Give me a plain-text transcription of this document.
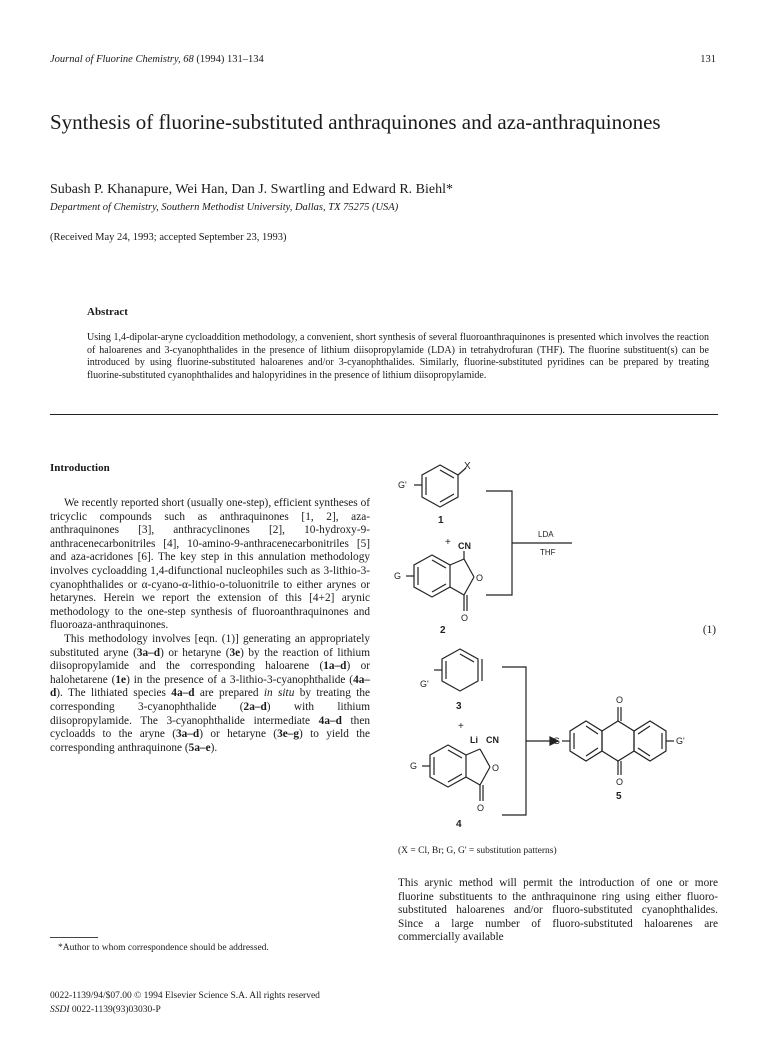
Journal of Fluorine Chemistry, 68 (1994) 131–134	131
Synthesis of fluorine-substituted anthraquinones and aza-anthraquinones
Subash P. Khanapure, Wei Han, Dan J. Swartling and Edward R. Biehl*
Department of Chemistry, Southern Methodist University, Dallas, TX 75275 (USA)
(Received May 24, 1993; accepted September 23, 1993)
Abstract
Using 1,4-dipolar-aryne cycloaddition methodology, a convenient, short synthesis of several fluoroanthraquinones is presented which involves the reaction of haloarenes and 3-cyanophthalides in the presence of lithium diisopropylamide (LDA) in tetrahydrofuran (THF). The fluorine substituent(s) can be introduced by using fluorine-substituted haloarenes and/or 3-cyanophthalides. Similarly, fluorine-substituted pyridines can be prepared by treating fluorine-substituted cyanophthalides and halopyridines in the presence of lithium diisopropylamide.
Introduction

We recently reported short (usually one-step), efficient syntheses of tricyclic compounds such as anthraquinones [1, 2], aza-anthraquinones [3], anthracyclinones [2], 10-hydroxy-9-anthracenecarbonitriles [4], 10-amino-9-anthracenecarbonitriles [5] and aza-acridones [6]. The key step in this annulation methodology involves cycloadding 1,4-difunctional nucleophiles such as 3-lithio-3-cyanophthalides or α-cyano-α-lithio-o-toluonitrile to either arynes or hetarynes. Herein we report the extension of this [4+2] arynic methodology to the one-step synthesis of fluoroanthraquinones and fluoroaza-anthraquinones.

This methodology involves [eqn. (1)] generating an appropriately substituted aryne (3a–d) or hetaryne (3e) by the reaction of lithium diisopropylamide and the corresponding haloarene (1a–d) or halohetarene (1e) in the presence of a 3-lithio-3-cyanophthalide (4a–d). The lithiated species 4a–d are prepared in situ by treating the corresponding 3-cyanophthalide (2a–d) with lithium diisopropylamide. The 3-cyanophthalide intermediate 4a–d then cycloadds to the aryne (3a–d) or hetaryne (3e–g) to yield the corresponding anthraquinone (5a–e).

X
G'
1
+ CN
O
O
G
2
LDA
THF
G'
3
+
Li CN
O
O
G
4
O
O
G	G'
5
(1)
(X = Cl, Br; G, G' = substitution patterns)
This arynic method will permit the introduction of one or more fluorine substituents to the anthraquinone ring using either fluoro-substituted haloarenes and/or fluoro-substituted cyanophthalides. Since a large number of fluoro-substituted haloarenes are commercially available
*Author to whom correspondence should be addressed.
0022-1139/94/$07.00 © 1994 Elsevier Science S.A. All rights reserved
SSDI 0022-1139(93)03030-P
